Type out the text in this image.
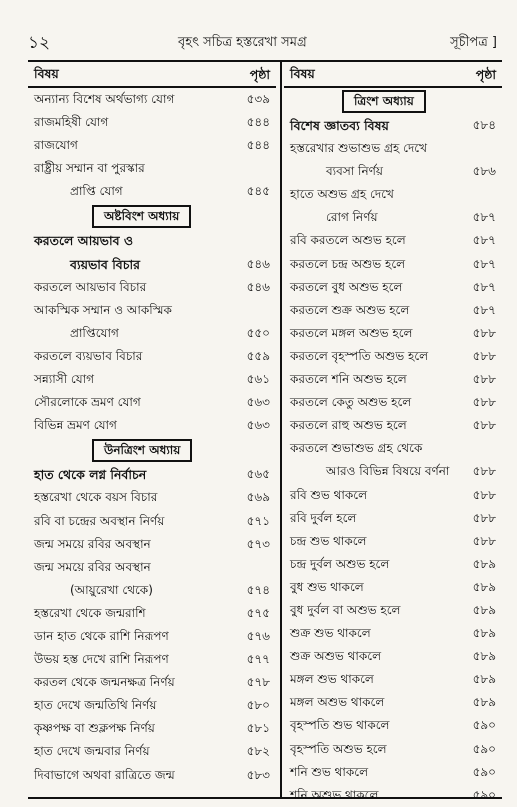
১২	বৃহৎ সচিত্র হস্তরেখা সমগ্র	সূচীপত্র ]
বিষয়	পৃষ্ঠা
অন্যান্য বিশেষ অর্থভাগ্য যোগ	৫৩৯
রাজমহিষী যোগ	৫৪৪
রাজযোগ	৫৪৪
রাষ্ট্রীয় সম্মান বা পুরস্কার
প্রাপ্তি যোগ	৫৪৫
অষ্টবিংশ অধ্যায়
করতলে আয়ভাব ও
ব্যয়ভাব বিচার	৫৪৬
করতলে আয়ভাব বিচার	৫৪৬
আকস্মিক সম্মান ও আকস্মিক
প্রাপ্তিযোগ	৫৫০
করতলে ব্যয়ভাব বিচার	৫৫৯
সন্ন্যাসী যোগ	৫৬১
সৌরলোকে ভ্রমণ যোগ	৫৬৩
বিভিন্ন ভ্রমণ যোগ	৫৬৩
উনত্রিংশ অধ্যায়
হাত থেকে লগ্ন নির্বাচন	৫৬৫
হস্তরেখা থেকে বয়স বিচার	৫৬৯
রবি বা চন্দ্রের অবস্থান নির্ণয়	৫৭১
জন্ম সময়ে রবির অবস্থান	৫৭৩
জন্ম সময়ে রবির অবস্থান
(আয়ুরেখা থেকে)	৫৭৪
হস্তরেখা থেকে জন্মরাশি	৫৭৫
ডান হাত থেকে রাশি নিরূপণ	৫৭৬
উভয় হস্ত দেখে রাশি নিরূপণ	৫৭৭
করতল থেকে জন্মনক্ষত্র নির্ণয়	৫৭৮
হাত দেখে জন্মতিথি নির্ণয়	৫৮০
কৃষ্ণপক্ষ বা শুক্লপক্ষ নির্ণয়	৫৮১
হাত দেখে জন্মবার নির্ণয়	৫৮২
দিবাভাগে অথবা রাত্রিতে জন্ম	৫৮৩
বিষয়	পৃষ্ঠা
ত্রিংশ অধ্যায়
বিশেষ জ্ঞাতব্য বিষয়	৫৮৪
হস্তরেখার শুভাশুভ গ্রহ দেখে
ব্যবসা নির্ণয়	৫৮৬
হাতে অশুভ গ্রহ দেখে
রোগ নির্ণয়	৫৮৭
রবি করতলে অশুভ হলে	৫৮৭
করতলে চন্দ্র অশুভ হলে	৫৮৭
করতলে বুধ অশুভ হলে	৫৮৭
করতলে শুক্র অশুভ হলে	৫৮৭
করতলে মঙ্গল অশুভ হলে	৫৮৮
করতলে বৃহস্পতি অশুভ হলে	৫৮৮
করতলে শনি অশুভ হলে	৫৮৮
করতলে কেতু অশুভ হলে	৫৮৮
করতলে রাহু অশুভ হলে	৫৮৮
করতলে শুভাশুভ গ্রহ থেকে
আরও বিভিন্ন বিষয়ে বর্ণনা ৫৮৮
রবি শুভ থাকলে	৫৮৮
রবি দুর্বল হলে	৫৮৮
চন্দ্র শুভ থাকলে	৫৮৮
চন্দ্র দুর্বল অশুভ হলে	৫৮৯
বুধ শুভ থাকলে	৫৮৯
বুধ দুর্বল বা অশুভ হলে	৫৮৯
শুক্র শুভ থাকলে	৫৮৯
শুক্র অশুভ থাকলে	৫৮৯
মঙ্গল শুভ থাকলে	৫৮৯
মঙ্গল অশুভ থাকলে	৫৮৯
বৃহস্পতি শুভ থাকলে	৫৯০
বৃহস্পতি অশুভ হলে	৫৯০
শনি শুভ থাকলে	৫৯০
শনি অশুভ থাকলে	৫৯০
